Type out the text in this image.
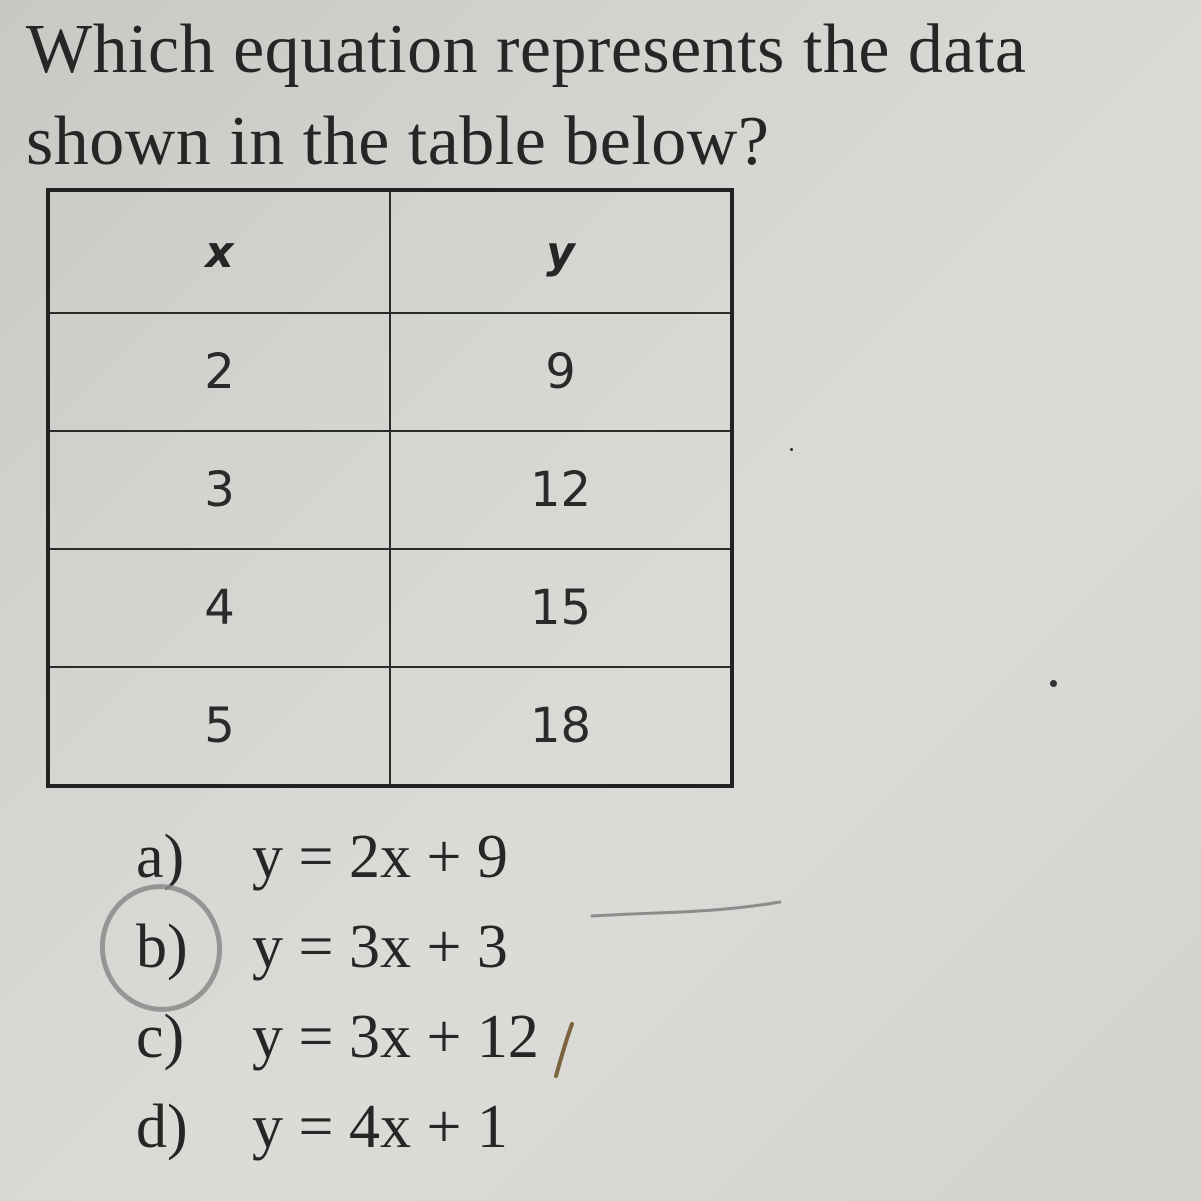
Which equation represents the data
shown in the table below?
x	y
2	9
3	12
4	15
5	18
a) y = 2x + 9
b) y = 3x + 3
c) y = 3x + 12
d) y = 4x + 1
